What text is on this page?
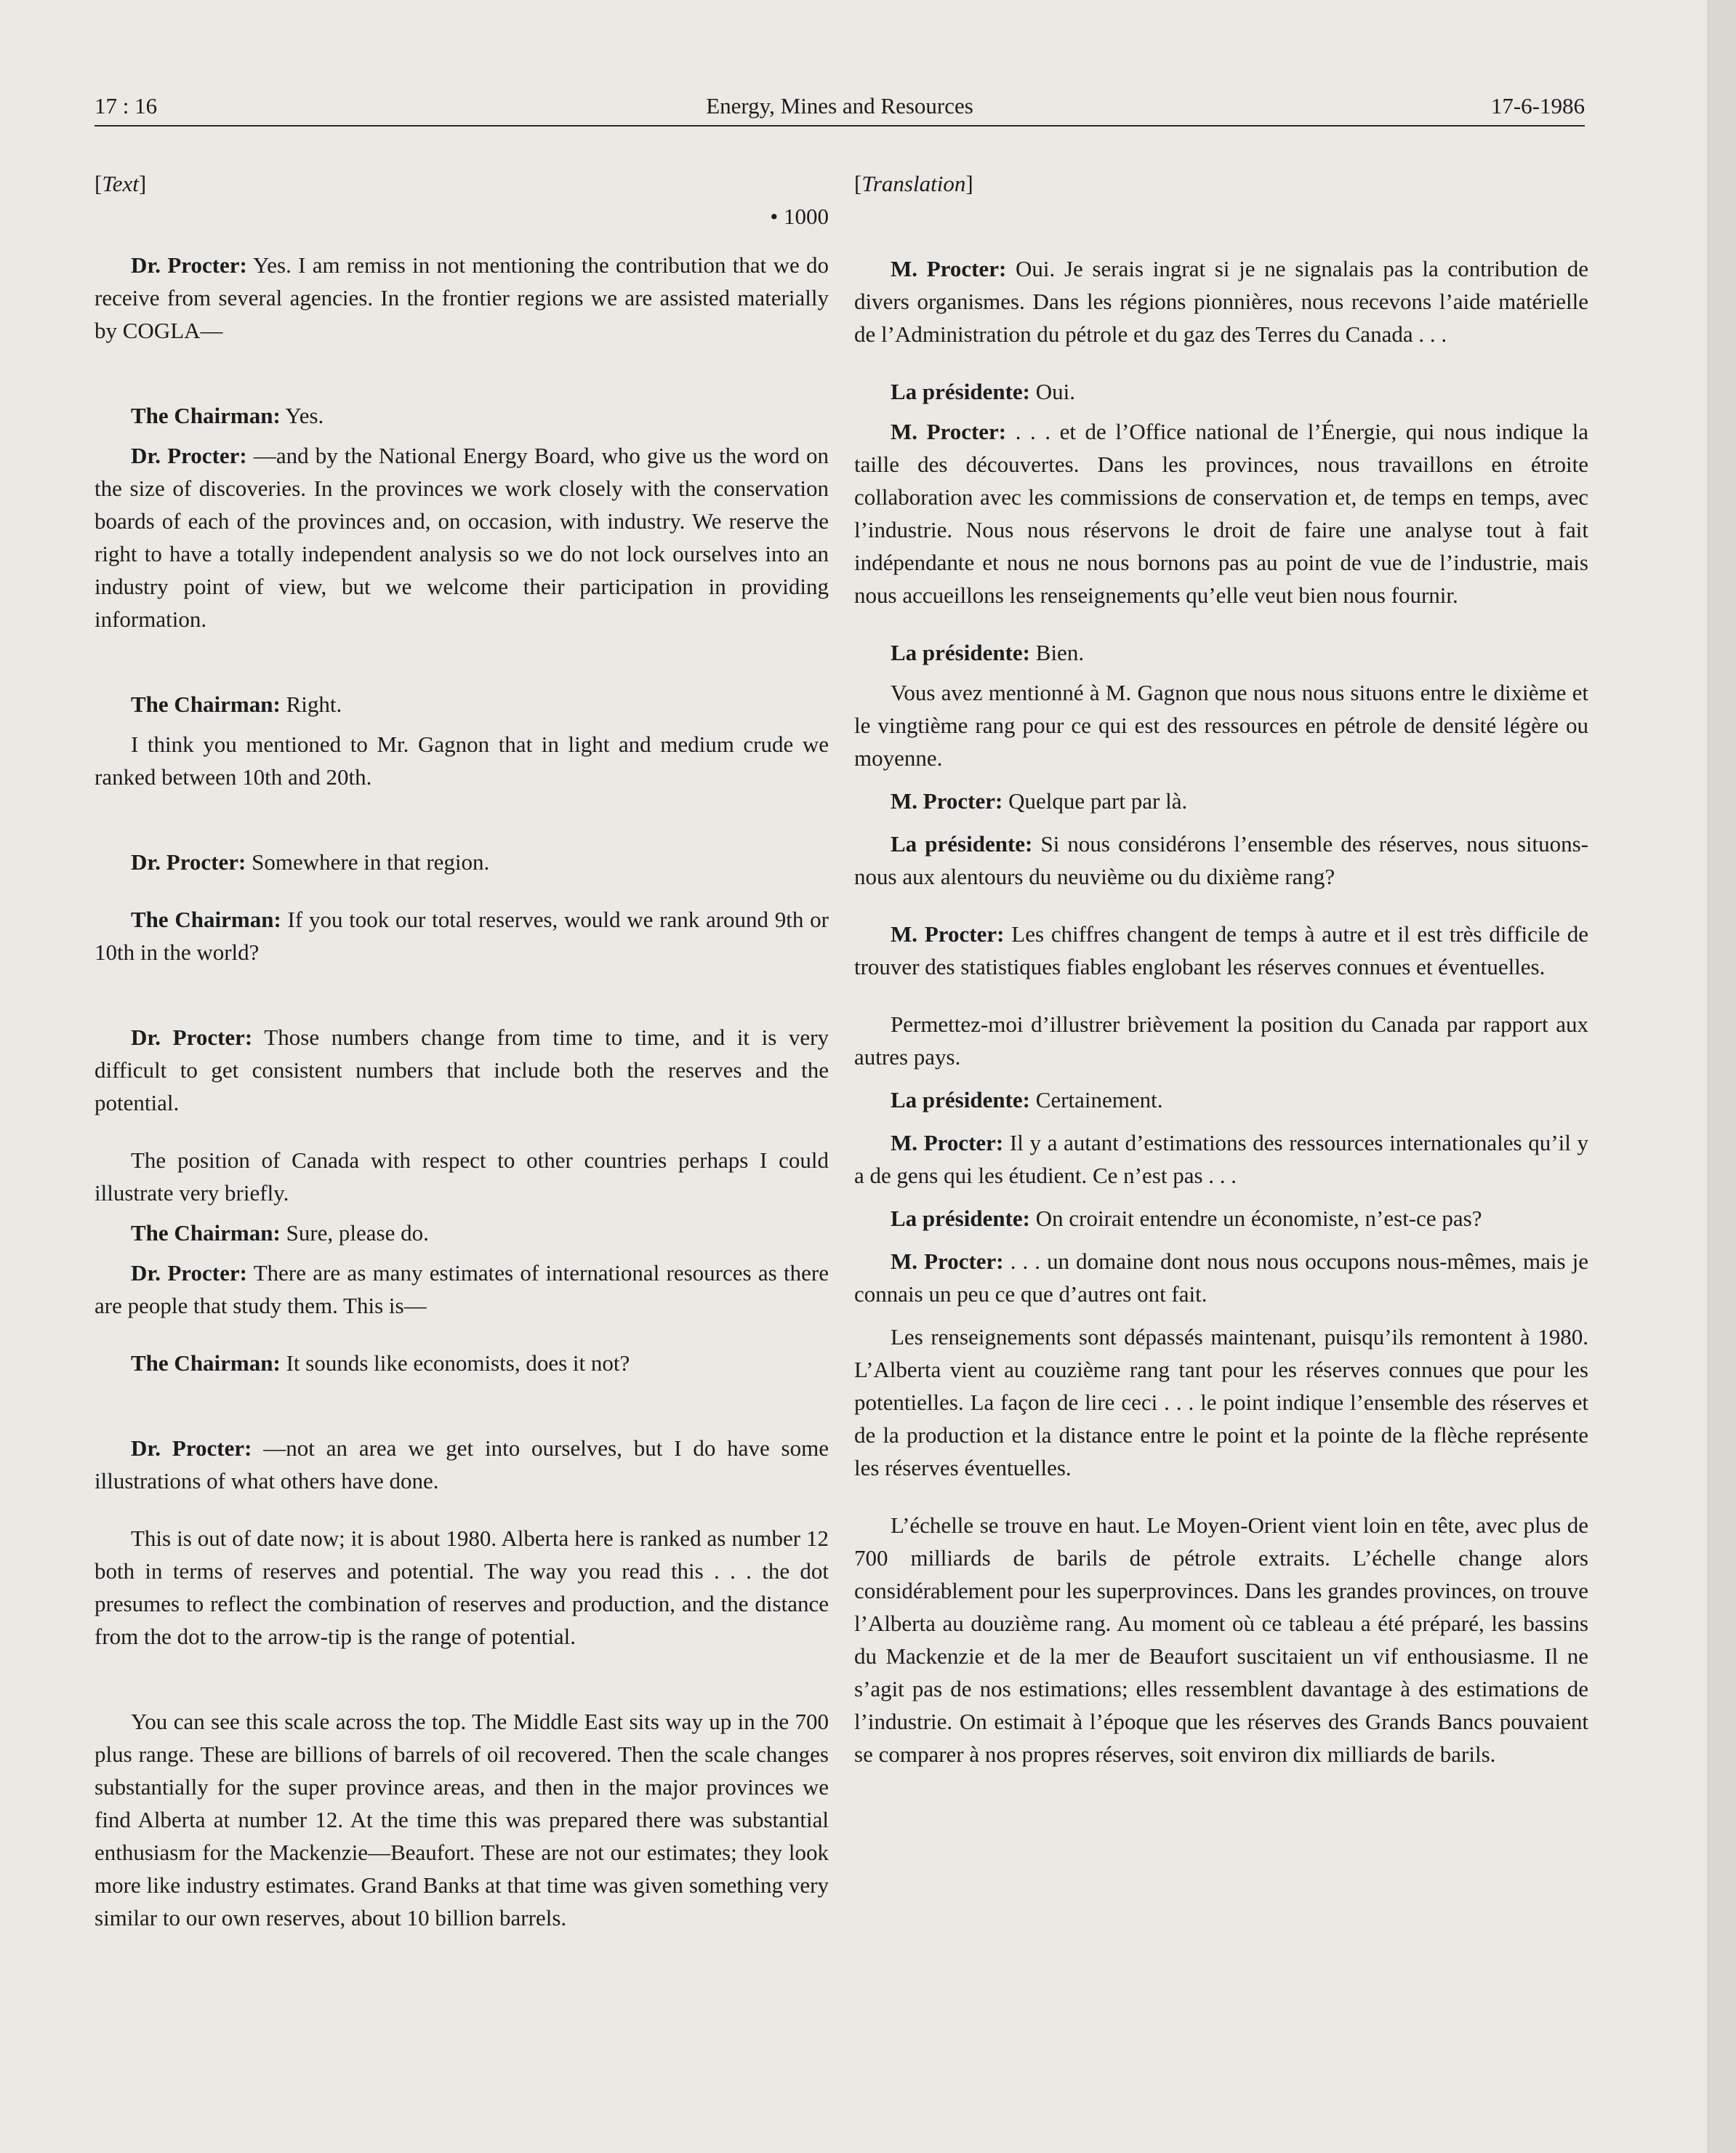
17 : 16	Energy, Mines and Resources	17-6-1986

[Text]

• 1000

Dr. Procter: Yes. I am remiss in not mentioning the contribution that we do receive from several agencies. In the frontier regions we are assisted materially by COGLA—

The Chairman: Yes.

Dr. Procter: —and by the National Energy Board, who give us the word on the size of discoveries. In the provinces we work closely with the conservation boards of each of the provinces and, on occasion, with industry. We reserve the right to have a totally independent analysis so we do not lock ourselves into an industry point of view, but we welcome their participation in providing information.

The Chairman: Right.

I think you mentioned to Mr. Gagnon that in light and medium crude we ranked between 10th and 20th.

Dr. Procter: Somewhere in that region.

The Chairman: If you took our total reserves, would we rank around 9th or 10th in the world?

Dr. Procter: Those numbers change from time to time, and it is very difficult to get consistent numbers that include both the reserves and the potential.

The position of Canada with respect to other countries perhaps I could illustrate very briefly.

The Chairman: Sure, please do.

Dr. Procter: There are as many estimates of international resources as there are people that study them. This is—

The Chairman: It sounds like economists, does it not?

Dr. Procter: —not an area we get into ourselves, but I do have some illustrations of what others have done.

This is out of date now; it is about 1980. Alberta here is ranked as number 12 both in terms of reserves and potential. The way you read this . . . the dot presumes to reflect the combination of reserves and production, and the distance from the dot to the arrow-tip is the range of potential.

You can see this scale across the top. The Middle East sits way up in the 700 plus range. These are billions of barrels of oil recovered. Then the scale changes substantially for the super province areas, and then in the major provinces we find Alberta at number 12. At the time this was prepared there was substantial enthusiasm for the Mackenzie—Beaufort. These are not our estimates; they look more like industry estimates. Grand Banks at that time was given something very similar to our own reserves, about 10 billion barrels.

[Translation]

M. Procter: Oui. Je serais ingrat si je ne signalais pas la contribution de divers organismes. Dans les régions pionnières, nous recevons l’aide matérielle de l’Administration du pétrole et du gaz des Terres du Canada . . .

La présidente: Oui.

M. Procter: . . . et de l’Office national de l’Énergie, qui nous indique la taille des découvertes. Dans les provinces, nous travaillons en étroite collaboration avec les commissions de conservation et, de temps en temps, avec l’industrie. Nous nous réservons le droit de faire une analyse tout à fait indépendante et nous ne nous bornons pas au point de vue de l’industrie, mais nous accueillons les renseignements qu’elle veut bien nous fournir.

La présidente: Bien.

Vous avez mentionné à M. Gagnon que nous nous situons entre le dixième et le vingtième rang pour ce qui est des ressources en pétrole de densité légère ou moyenne.

M. Procter: Quelque part par là.

La présidente: Si nous considérons l’ensemble des réserves, nous situons-nous aux alentours du neuvième ou du dixième rang?

M. Procter: Les chiffres changent de temps à autre et il est très difficile de trouver des statistiques fiables englobant les réserves connues et éventuelles.

Permettez-moi d’illustrer brièvement la position du Canada par rapport aux autres pays.

La présidente: Certainement.

M. Procter: Il y a autant d’estimations des ressources internationales qu’il y a de gens qui les étudient. Ce n’est pas . . .

La présidente: On croirait entendre un économiste, n’est-ce pas?

M. Procter: . . . un domaine dont nous nous occupons nous-mêmes, mais je connais un peu ce que d’autres ont fait.

Les renseignements sont dépassés maintenant, puisqu’ils remontent à 1980. L’Alberta vient au couzième rang tant pour les réserves connues que pour les potentielles. La façon de lire ceci . . . le point indique l’ensemble des réserves et de la production et la distance entre le point et la pointe de la flèche représente les réserves éventuelles.

L’échelle se trouve en haut. Le Moyen-Orient vient loin en tête, avec plus de 700 milliards de barils de pétrole extraits. L’échelle change alors considérablement pour les superprovinces. Dans les grandes provinces, on trouve l’Alberta au douzième rang. Au moment où ce tableau a été préparé, les bassins du Mackenzie et de la mer de Beaufort suscitaient un vif enthousiasme. Il ne s’agit pas de nos estimations; elles ressemblent davantage à des estimations de l’industrie. On estimait à l’époque que les réserves des Grands Bancs pouvaient se comparer à nos propres réserves, soit environ dix milliards de barils.
